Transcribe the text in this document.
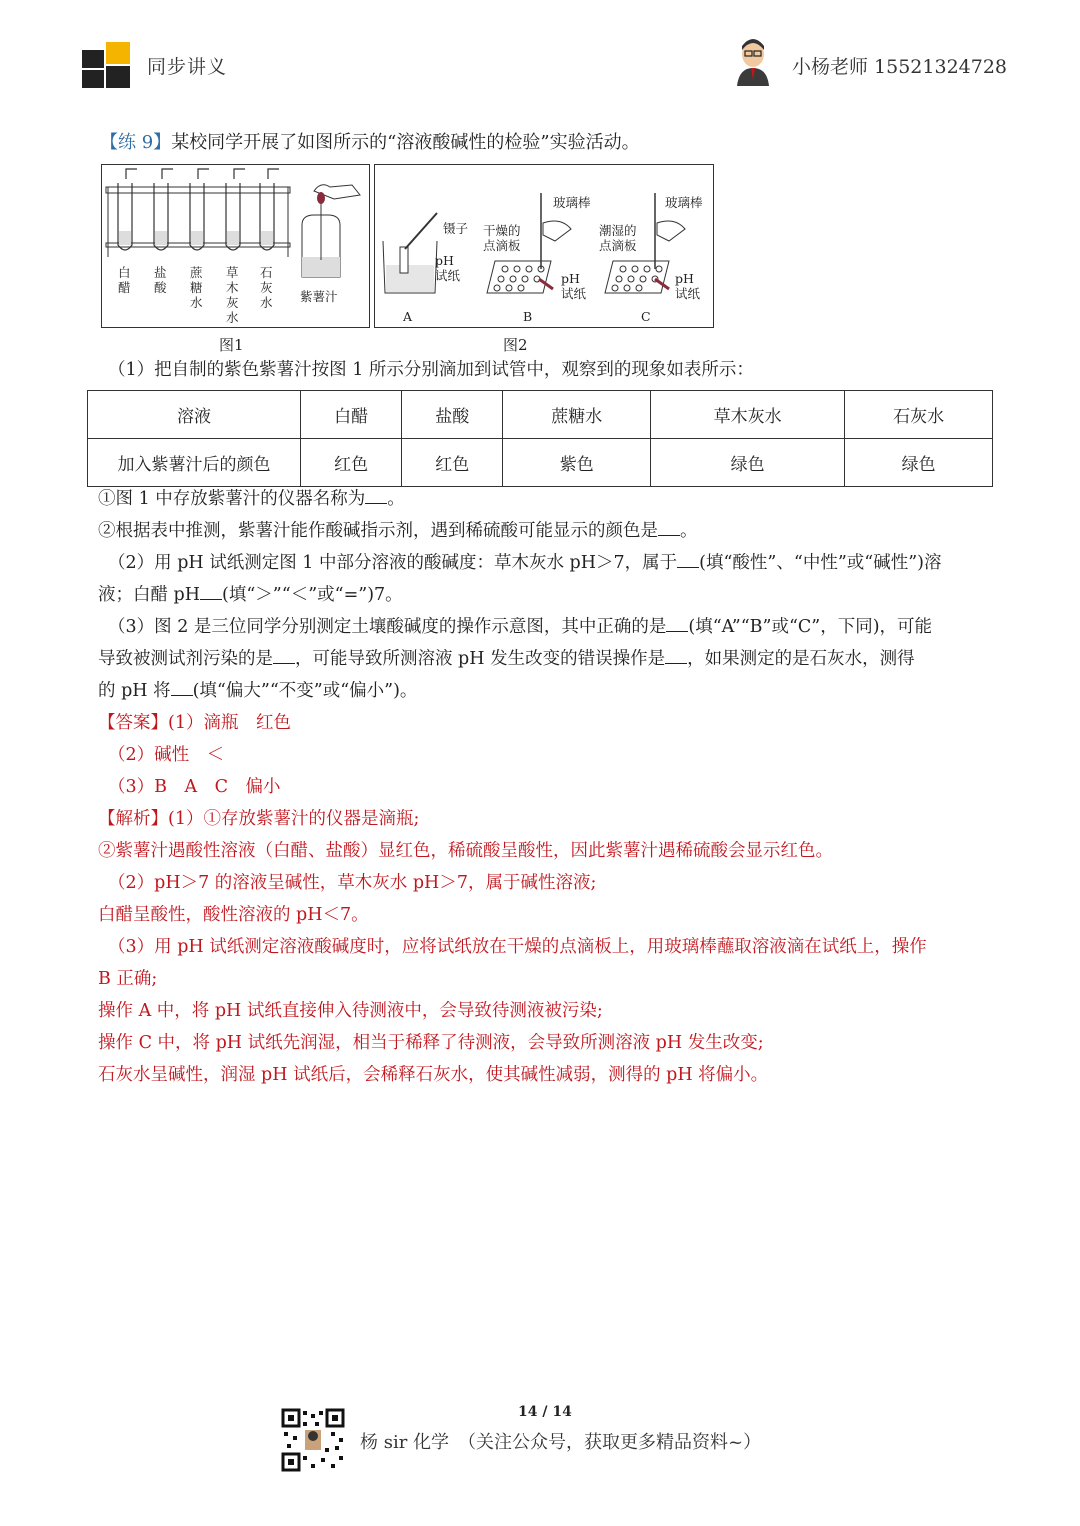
同步讲义	小杨老师 15521324728
【练 9】某校同学开展了如图所示的“溶液酸碱性的检验”实验活动。
白
醋
盐
酸
蔗
糖
水
草
木
灰
水
石
灰
水 紫薯汁
图1
镊子
pH
试纸
玻璃棒
干燥的
点滴板
pH
试纸
玻璃棒
潮湿的
点滴板
pH
试纸
A	B	C
图2
（1）把自制的紫色紫薯汁按图 1 所示分别滴加到试管中，观察到的现象如表所示：
溶液	白醋	盐酸	蔗糖水	草木灰水	石灰水
加入紫薯汁后的颜色	红色	红色	紫色	绿色	绿色
①图 1 中存放紫薯汁的仪器名称为 。
②根据表中推测，紫薯汁能作酸碱指示剂，遇到稀硫酸可能显示的颜色是 。
（2）用 pH 试纸测定图 1 中部分溶液的酸碱度：草木灰水 pH＞7，属于 (填“酸性”、“中性”或“碱性”)溶
液；白醋 pH (填“＞”“＜”或“=”)7。
（3）图 2 是三位同学分别测定土壤酸碱度的操作示意图，其中正确的是 (填“A”“B”或“C”，下同)，可能
导致被测试剂污染的是 ，可能导致所测溶液 pH 发生改变的错误操作是 ，如果测定的是石灰水，测得
的 pH 将 (填“偏大”“不变”或“偏小”)。
【答案】(1）滴瓶　红色
（2）碱性　＜
（3）B　A　C　偏小
【解析】(1）①存放紫薯汁的仪器是滴瓶;
②紫薯汁遇酸性溶液（白醋、盐酸）显红色，稀硫酸呈酸性，因此紫薯汁遇稀硫酸会显示红色。
（2）pH＞7 的溶液呈碱性，草木灰水 pH＞7，属于碱性溶液;
白醋呈酸性，酸性溶液的 pH＜7。
（3）用 pH 试纸测定溶液酸碱度时，应将试纸放在干燥的点滴板上，用玻璃棒蘸取溶液滴在试纸上，操作
B 正确;
操作 A 中，将 pH 试纸直接伸入待测液中，会导致待测液被污染;
操作 C 中，将 pH 试纸先润湿，相当于稀释了待测液，会导致所测溶液 pH 发生改变;
石灰水呈碱性，润湿 pH 试纸后，会稀释石灰水，使其碱性减弱，测得的 pH 将偏小。
14 / 14
杨 sir 化学　（关注公众号，获取更多精品资料~）
